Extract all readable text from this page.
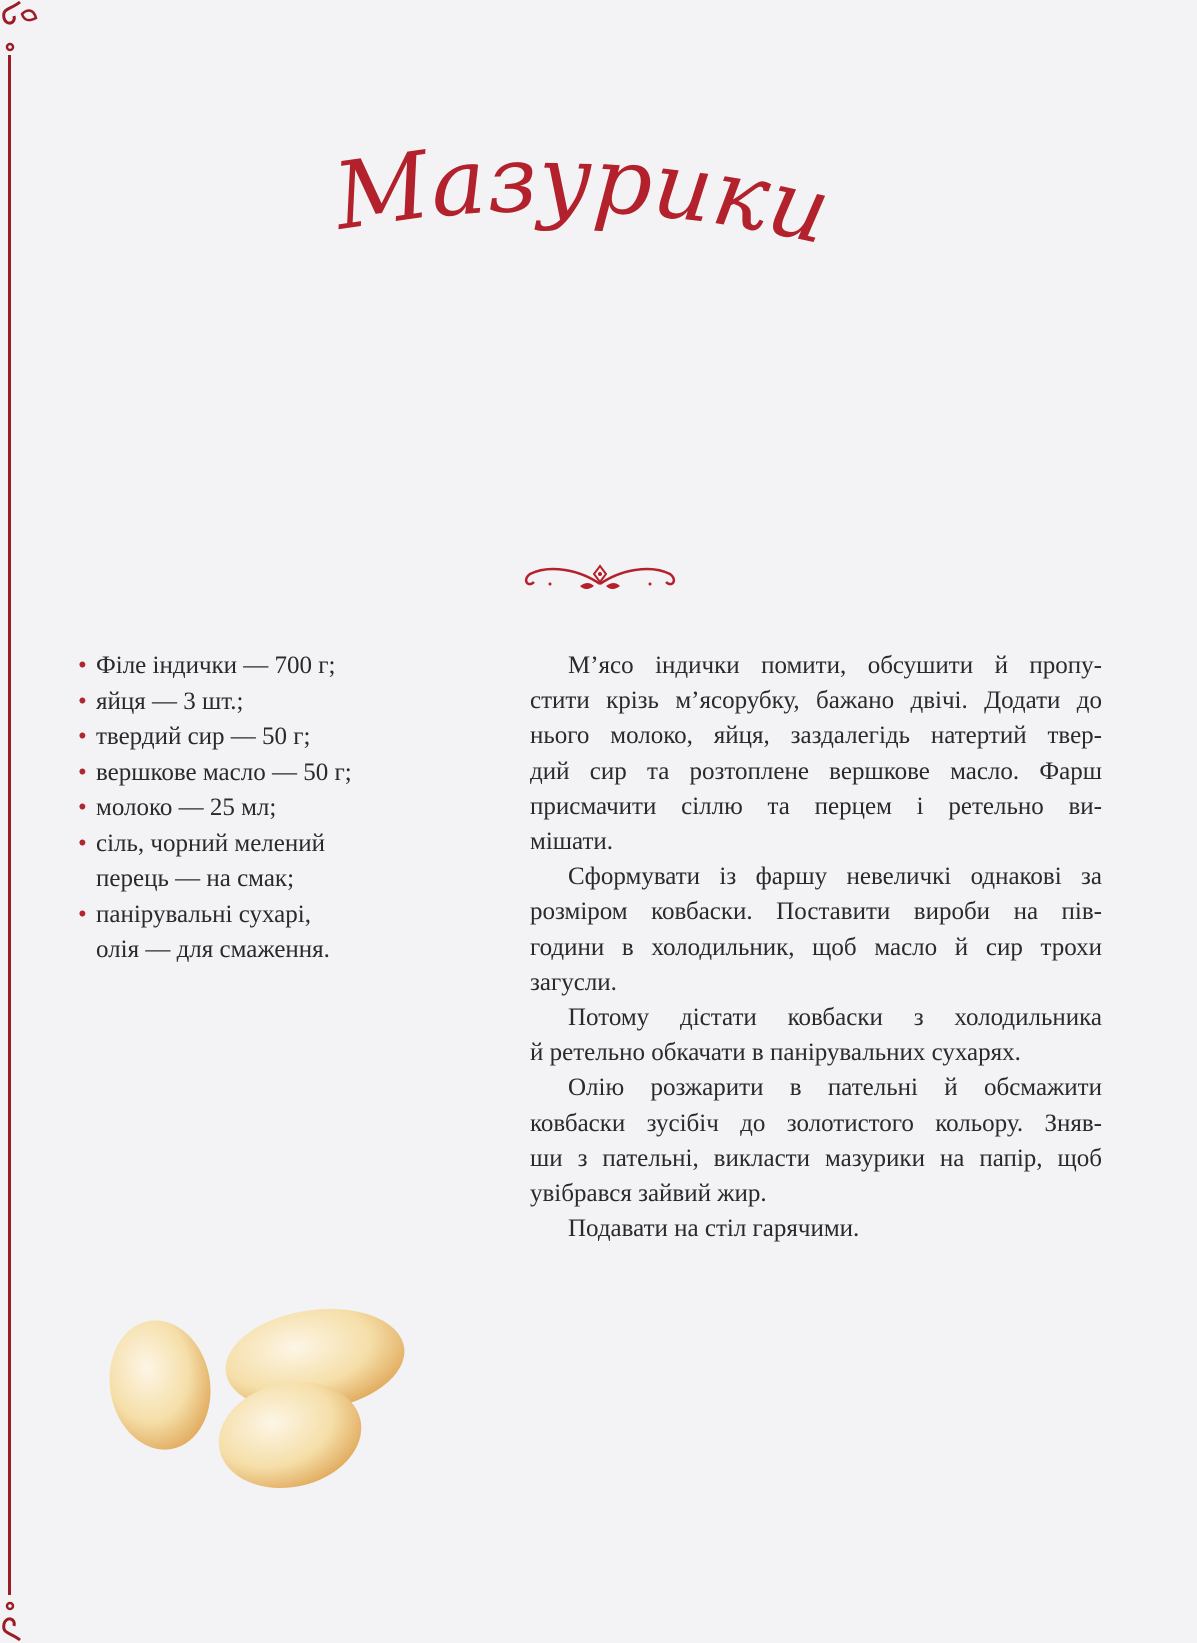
Мазурики
• Філе індички — 700 г;
• яйця — 3 шт.;
• твердий сир — 50 г;
• вершкове масло — 50 г;
• молоко — 25 мл;
• сіль, чорний мелений
перець — на смак;
• панірувальні сухарі,
олія — для смаження.
М’ясо індички помити, обсушити й пропу-
стити крізь м’ясорубку, бажано двічі. Додати до
нього молоко, яйця, заздалегідь натертий твер-
дий сир та розтоплене вершкове масло. Фарш
присмачити сіллю та перцем і ретельно ви-
мішати.
Сформувати із фаршу невеличкі однакові за
розміром ковбаски. Поставити вироби на пів-
години в холодильник, щоб масло й сир трохи
загусли.
Потому дістати ковбаски з холодильника
й ретельно обкачати в панірувальних сухарях.
Олію розжарити в пательні й обсмажити
ковбаски зусібіч до золотистого кольору. Зняв-
ши з пательні, викласти мазурики на папір, щоб
увібрався зайвий жир.
Подавати на стіл гарячими.
